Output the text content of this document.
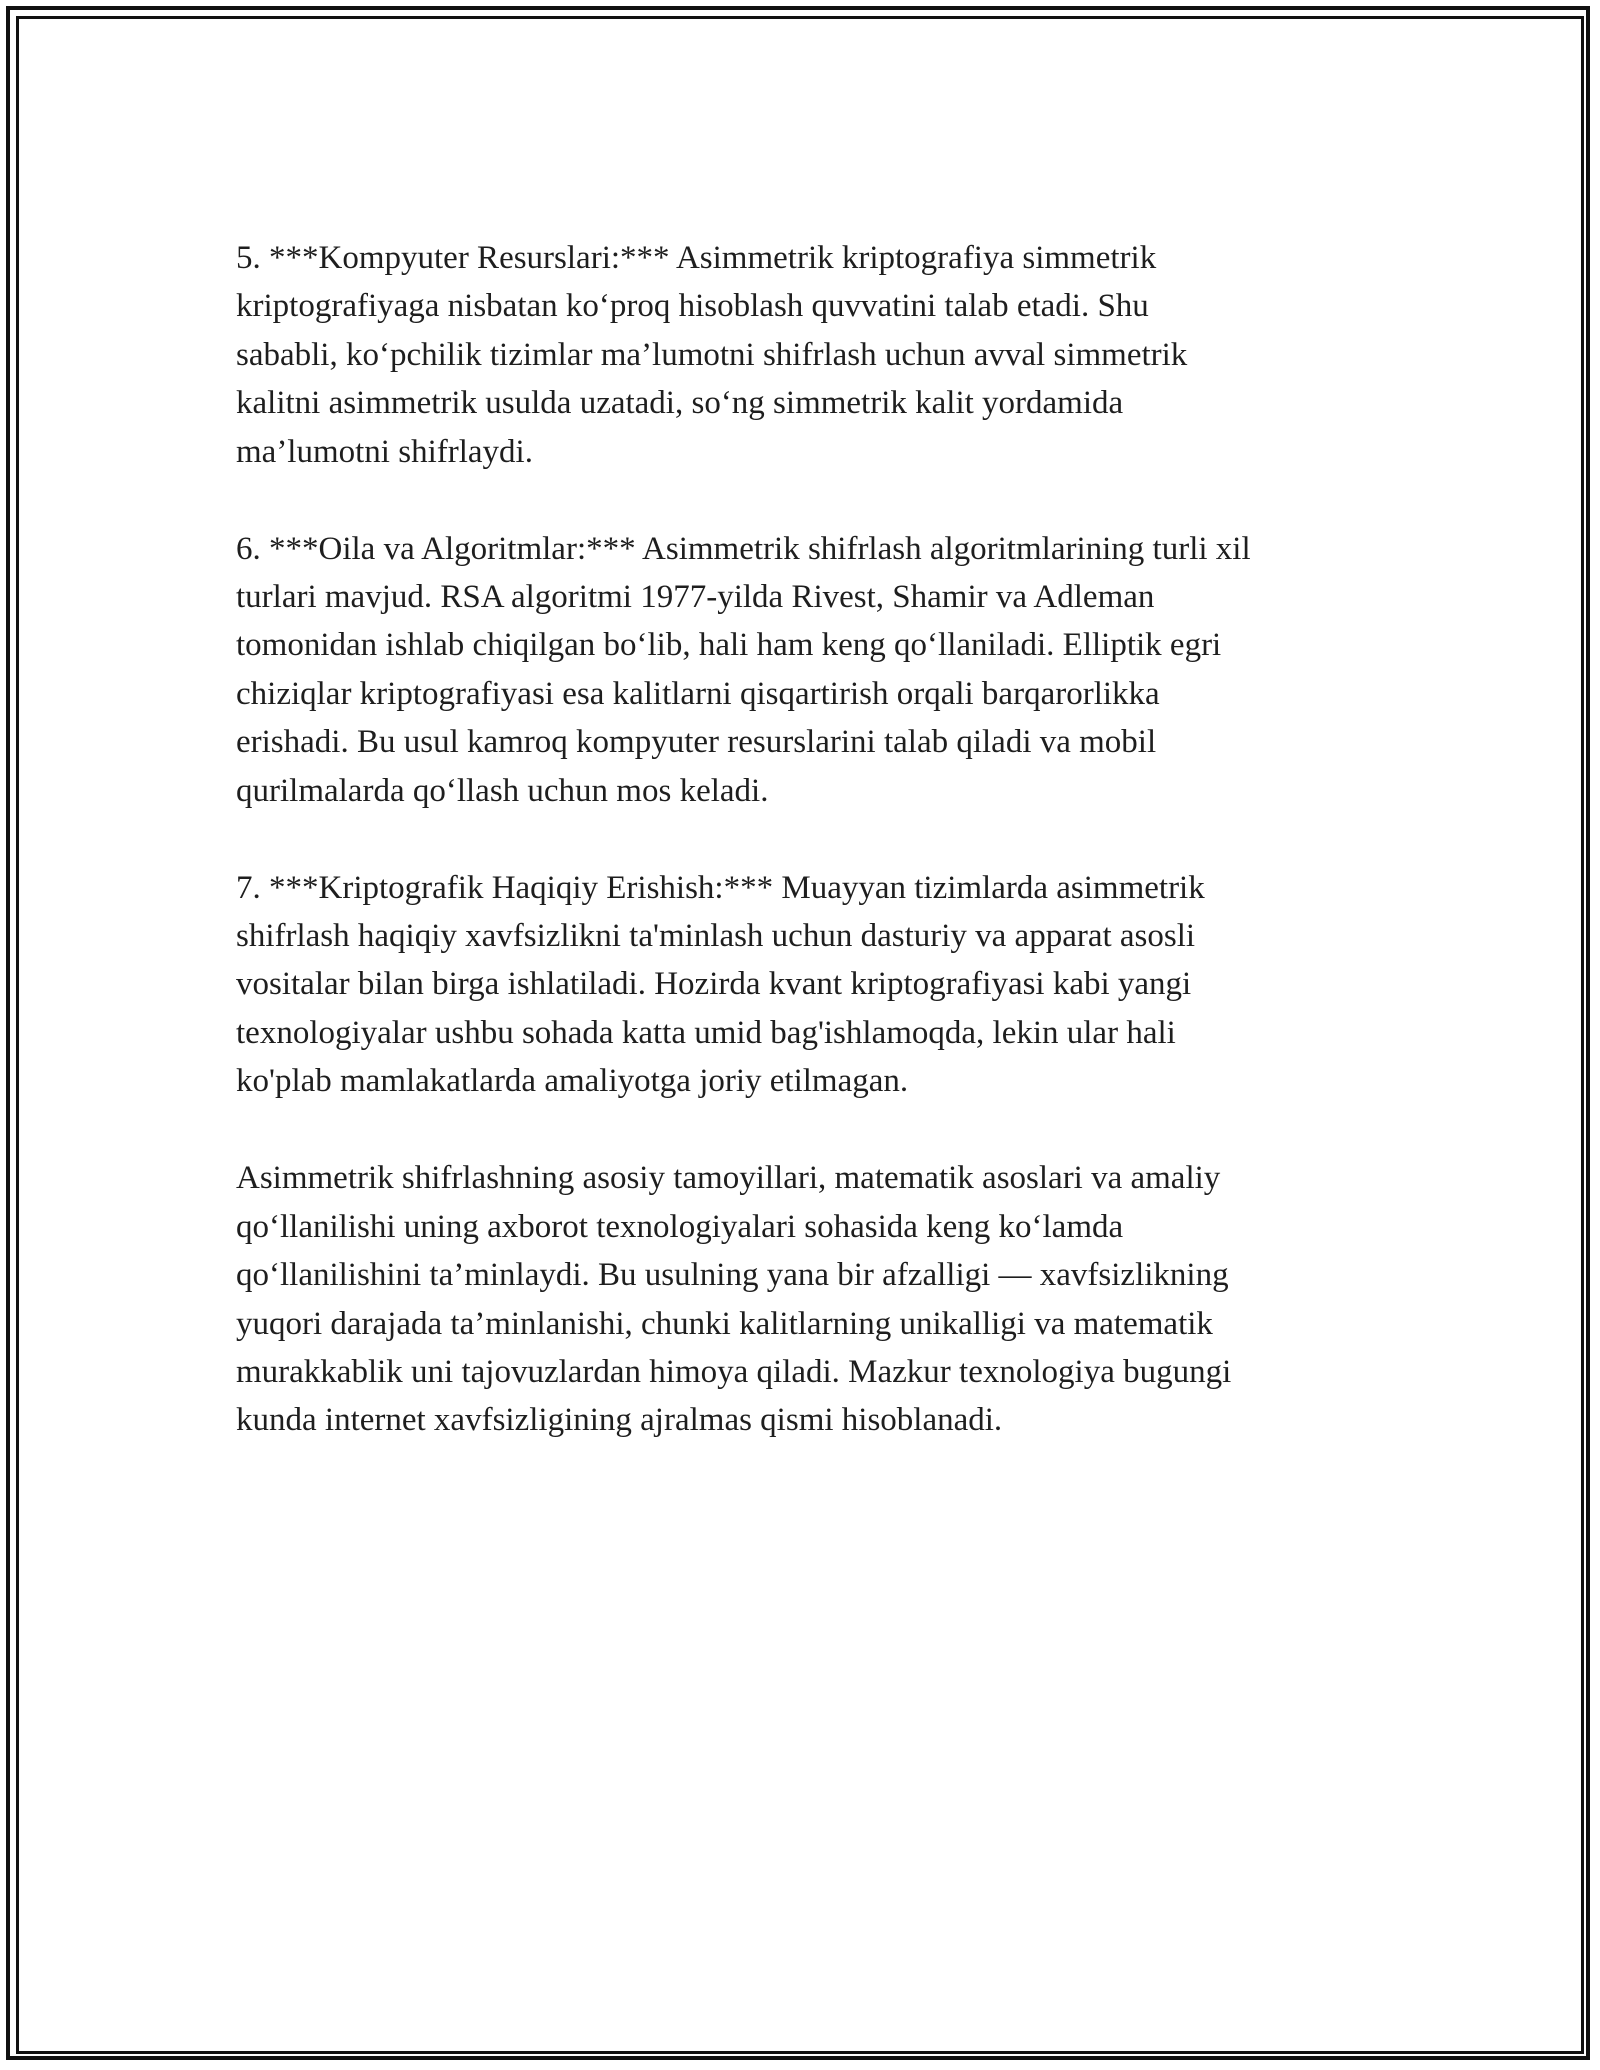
5. ***Kompyuter Resurslari:*** Asimmetrik kriptografiya simmetrik
kriptografiyaga nisbatan ko‘proq hisoblash quvvatini talab etadi. Shu
sababli, ko‘pchilik tizimlar ma’lumotni shifrlash uchun avval simmetrik
kalitni asimmetrik usulda uzatadi, so‘ng simmetrik kalit yordamida
ma’lumotni shifrlaydi.

6. ***Oila va Algoritmlar:*** Asimmetrik shifrlash algoritmlarining turli xil
turlari mavjud. RSA algoritmi 1977-yilda Rivest, Shamir va Adleman
tomonidan ishlab chiqilgan bo‘lib, hali ham keng qo‘llaniladi. Elliptik egri
chiziqlar kriptografiyasi esa kalitlarni qisqartirish orqali barqarorlikka
erishadi. Bu usul kamroq kompyuter resurslarini talab qiladi va mobil
qurilmalarda qo‘llash uchun mos keladi.

7. ***Kriptografik Haqiqiy Erishish:*** Muayyan tizimlarda asimmetrik
shifrlash haqiqiy xavfsizlikni ta'minlash uchun dasturiy va apparat asosli
vositalar bilan birga ishlatiladi. Hozirda kvant kriptografiyasi kabi yangi
texnologiyalar ushbu sohada katta umid bag'ishlamoqda, lekin ular hali
ko'plab mamlakatlarda amaliyotga joriy etilmagan.

Asimmetrik shifrlashning asosiy tamoyillari, matematik asoslari va amaliy
qo‘llanilishi uning axborot texnologiyalari sohasida keng ko‘lamda
qo‘llanilishini ta’minlaydi. Bu usulning yana bir afzalligi — xavfsizlikning
yuqori darajada ta’minlanishi, chunki kalitlarning unikalligi va matematik
murakkablik uni tajovuzlardan himoya qiladi. Mazkur texnologiya bugungi
kunda internet xavfsizligining ajralmas qismi hisoblanadi.
